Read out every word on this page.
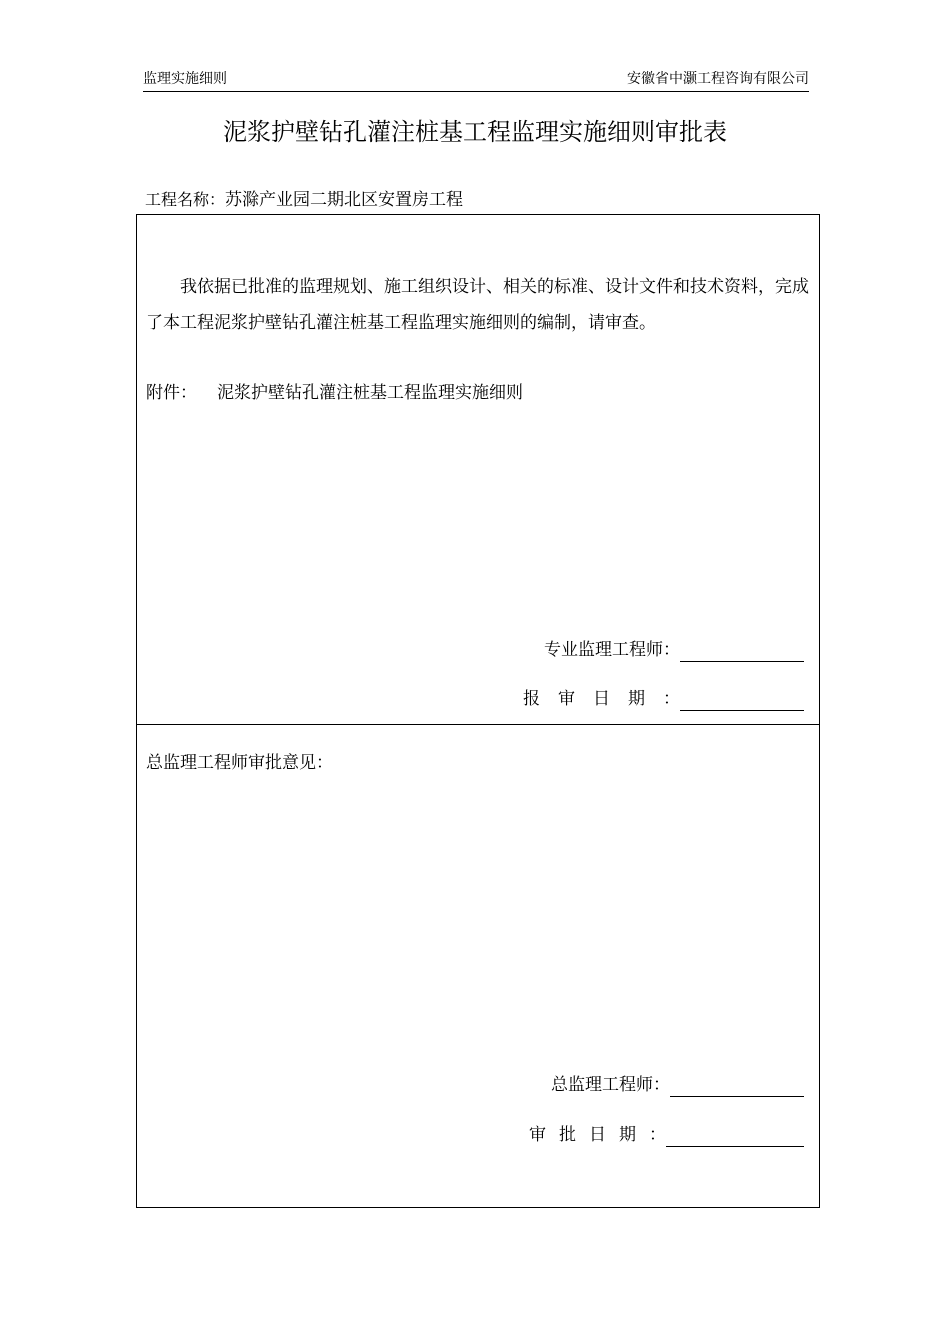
监理实施细则	安徽省中灏工程咨询有限公司
泥浆护壁钻孔灌注桩基工程监理实施细则审批表
工程名称：苏滁产业园二期北区安置房工程
我依据已批准的监理规划、施工组织设计、相关的标准、设计文件和技术资料，完成了本工程泥浆护壁钻孔灌注桩基工程监理实施细则的编制，请审查。
附件： 泥浆护壁钻孔灌注桩基工程监理实施细则
专业监理工程师：
报审日期 ：
总监理工程师审批意见：
总监理工程师：
审批日期 ：
